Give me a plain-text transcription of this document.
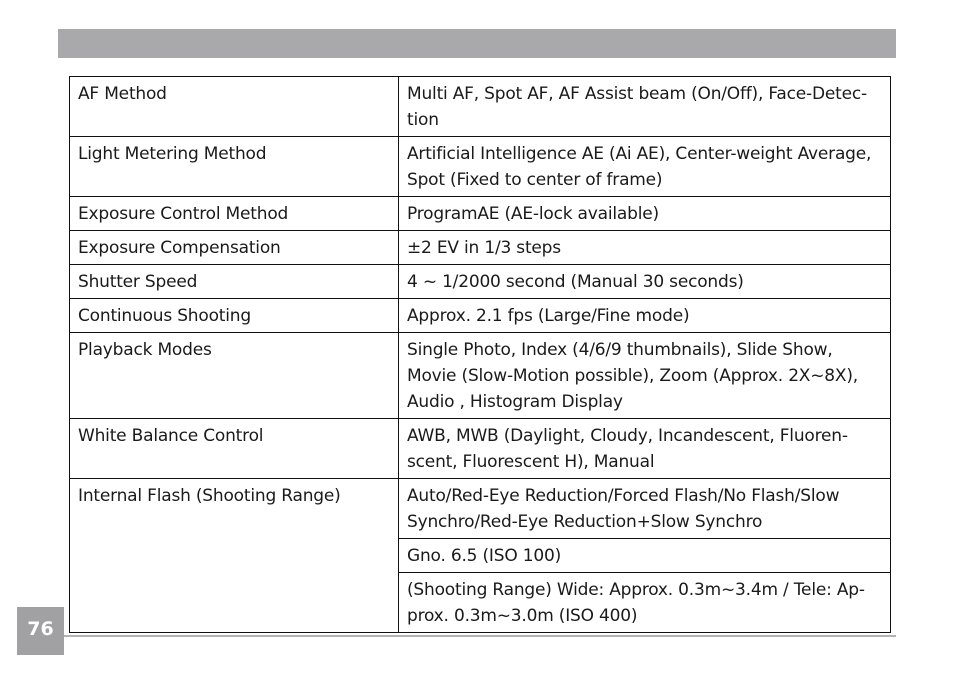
AF Method	Multi AF, Spot AF, AF Assist beam (On/Off), Face-Detec-
tion
Light Metering Method	Artificial Intelligence AE (Ai AE), Center-weight Average,
Spot (Fixed to center of frame)
Exposure Control Method	ProgramAE (AE-lock available)
Exposure Compensation	±2 EV in 1/3 steps
Shutter Speed	4 ~ 1/2000 second (Manual 30 seconds)
Continuous Shooting	Approx. 2.1 fps (Large/Fine mode)
Playback Modes	Single Photo, Index (4/6/9 thumbnails), Slide Show,
Movie (Slow-Motion possible), Zoom (Approx. 2X~8X),
Audio , Histogram Display
White Balance Control	AWB, MWB (Daylight, Cloudy, Incandescent, Fluoren-
scent, Fluorescent H), Manual
Internal Flash (Shooting Range)	Auto/Red-Eye Reduction/Forced Flash/No Flash/Slow
Synchro/Red-Eye Reduction+Slow Synchro
	Gno. 6.5 (ISO 100)
	(Shooting Range) Wide: Approx. 0.3m~3.4m / Tele: Ap-
prox. 0.3m~3.0m (ISO 400)
76
